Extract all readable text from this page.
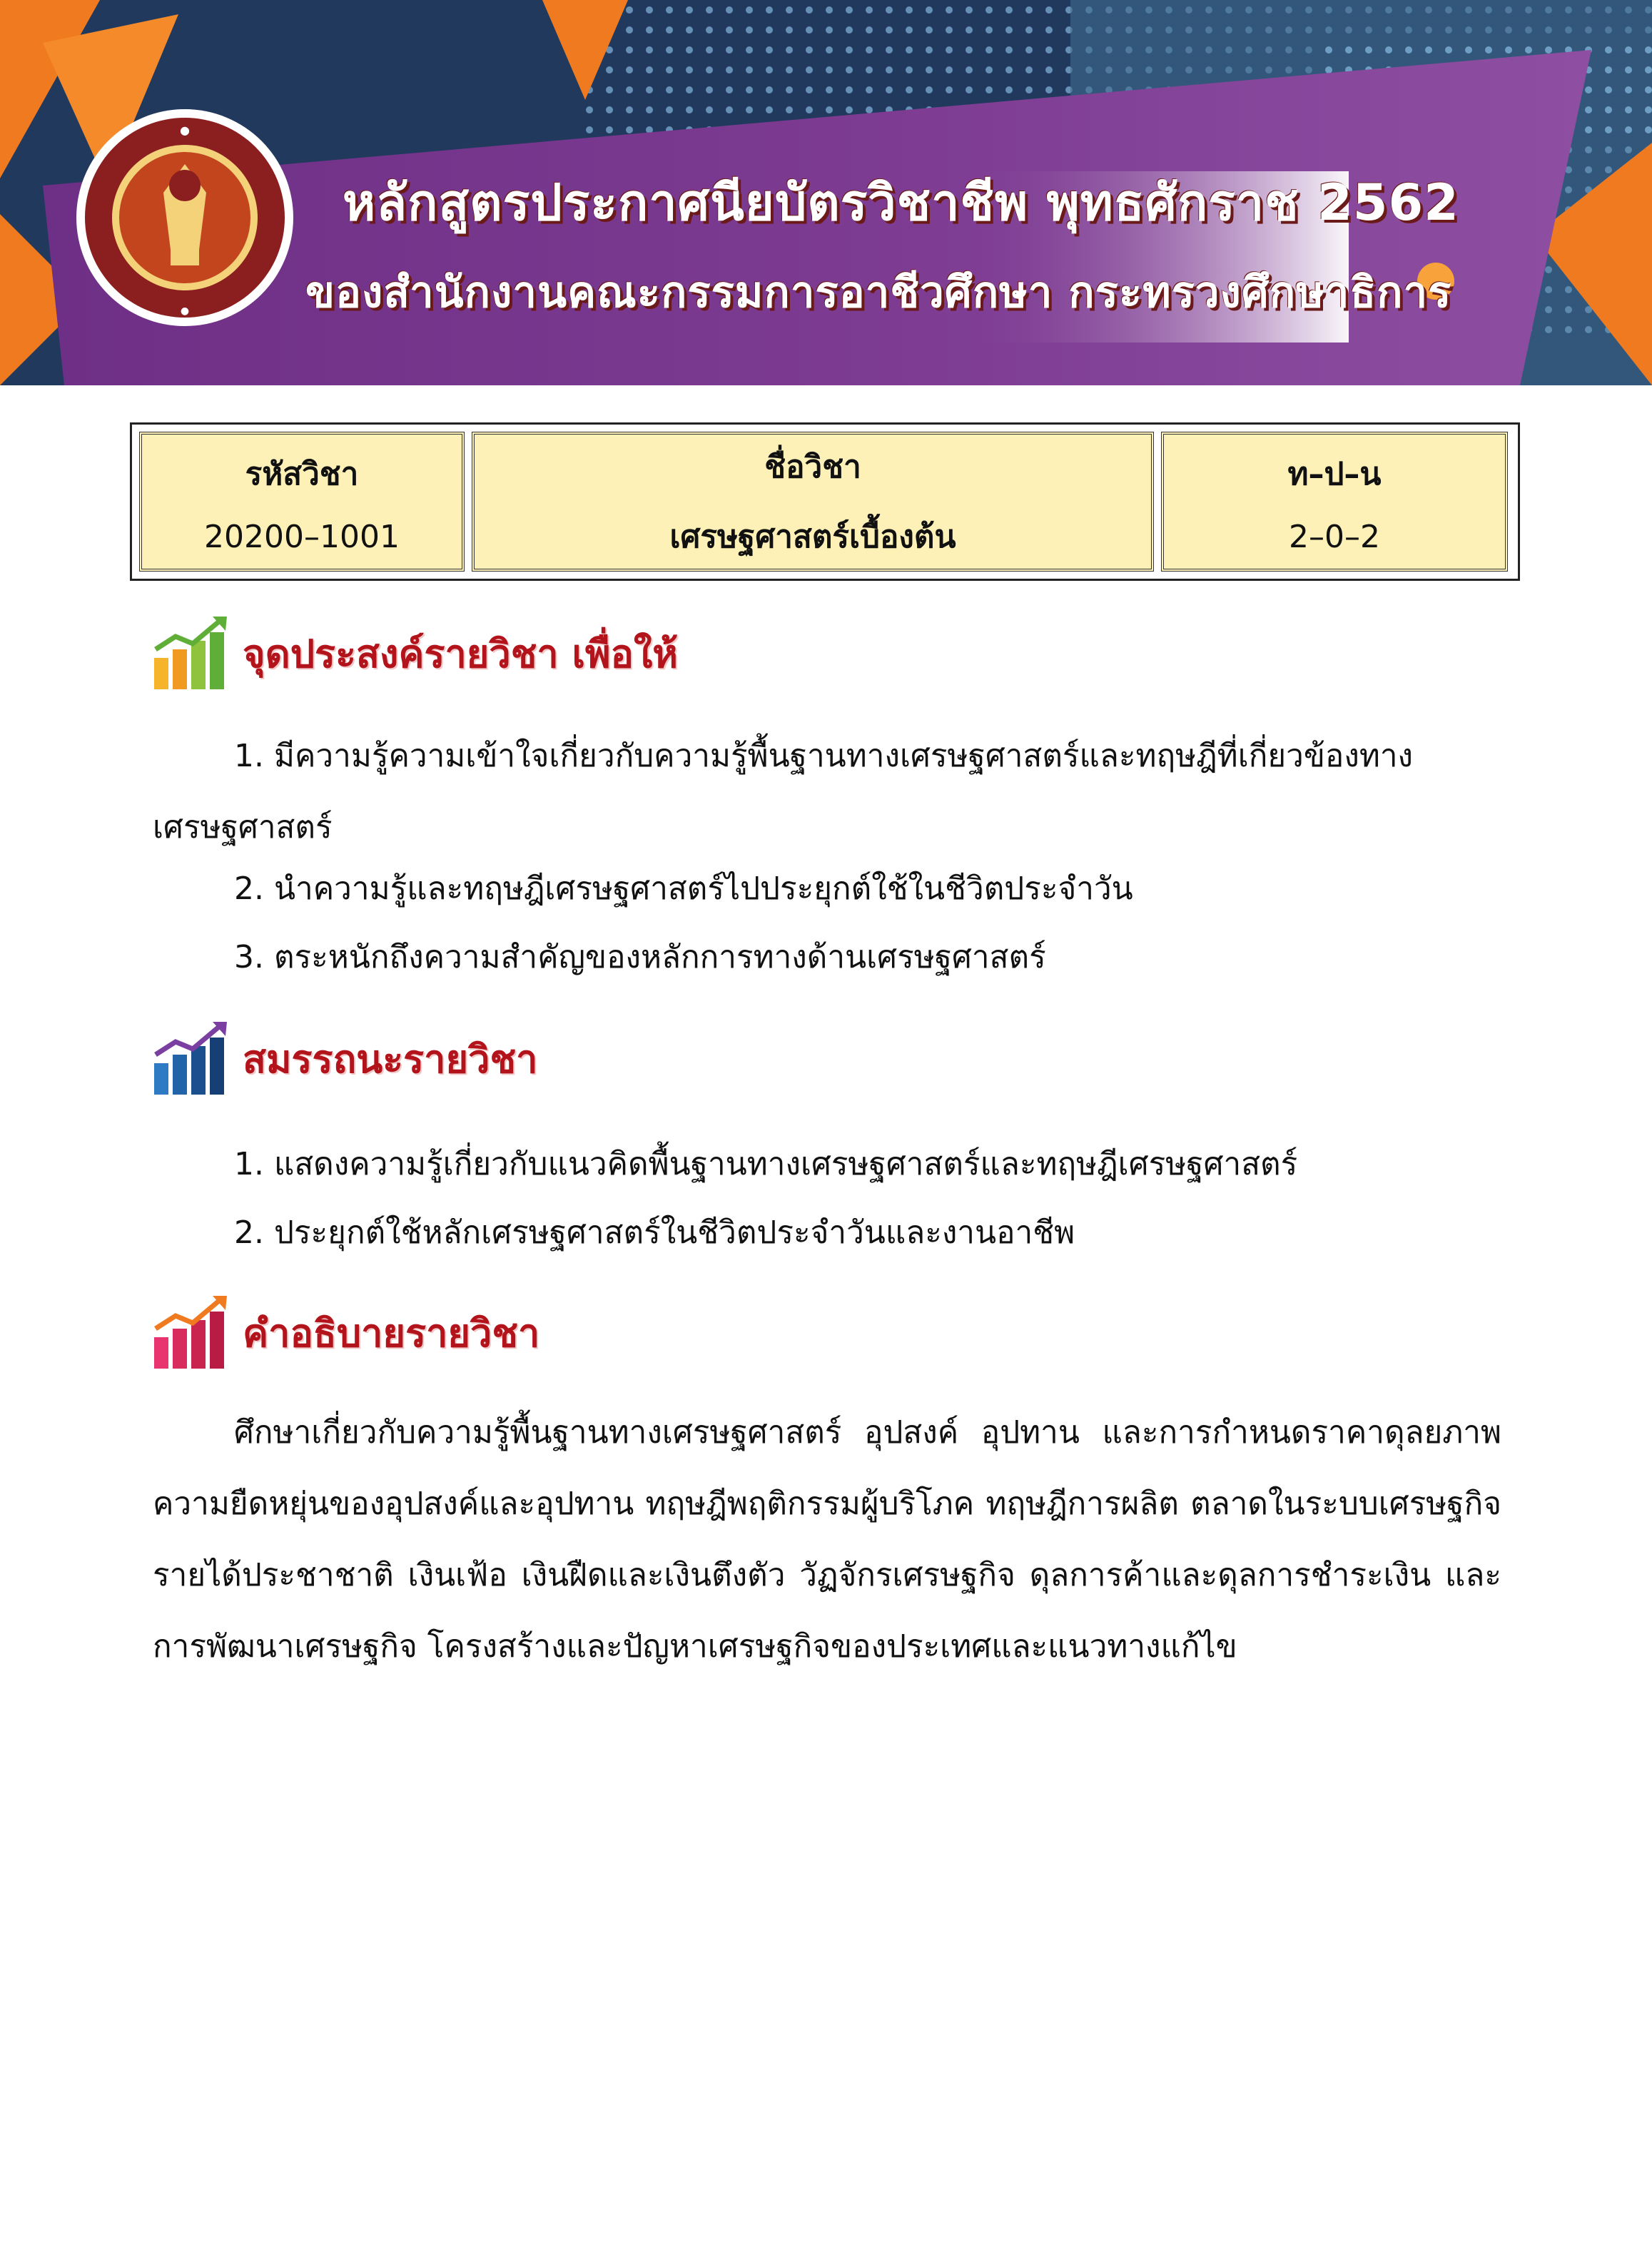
●
●
หลักสูตรประกาศนียบัตรวิชาชีพ พุทธศักราช 2562
ของสำนักงานคณะกรรมการอาชีวศึกษา กระทรวงศึกษาธิการ
รหัสวิชา
20200–1001
ชื่อวิชา
เศรษฐศาสตร์เบื้องต้น
ท–ป–น
2–0–2
จุดประสงค์รายวิชา เพื่อให้
1. มีความรู้ความเข้าใจเกี่ยวกับความรู้พื้นฐานทางเศรษฐศาสตร์และทฤษฎีที่เกี่ยวข้องทาง
เศรษฐศาสตร์
2. นำความรู้และทฤษฎีเศรษฐศาสตร์ไปประยุกต์ใช้ในชีวิตประจำวัน
3. ตระหนักถึงความสำคัญของหลักการทางด้านเศรษฐศาสตร์
สมรรถนะรายวิชา
1. แสดงความรู้เกี่ยวกับแนวคิดพื้นฐานทางเศรษฐศาสตร์และทฤษฎีเศรษฐศาสตร์
2. ประยุกต์ใช้หลักเศรษฐศาสตร์ในชีวิตประจำวันและงานอาชีพ
คำอธิบายรายวิชา
ศึกษาเกี่ยวกับความรู้พื้นฐานทางเศรษฐศาสตร์ อุปสงค์ อุปทาน และการกำหนดราคาดุลยภาพ ความยืดหยุ่นของอุปสงค์และอุปทาน ทฤษฎีพฤติกรรมผู้บริโภค ทฤษฎีการผลิต ตลาดในระบบเศรษฐกิจ รายได้ประชาชาติ เงินเฟ้อ เงินฝืดและเงินตึงตัว วัฏจักรเศรษฐกิจ ดุลการค้าและดุลการชำระเงิน และการพัฒนาเศรษฐกิจ โครงสร้างและปัญหาเศรษฐกิจของประเทศและแนวทางแก้ไข
